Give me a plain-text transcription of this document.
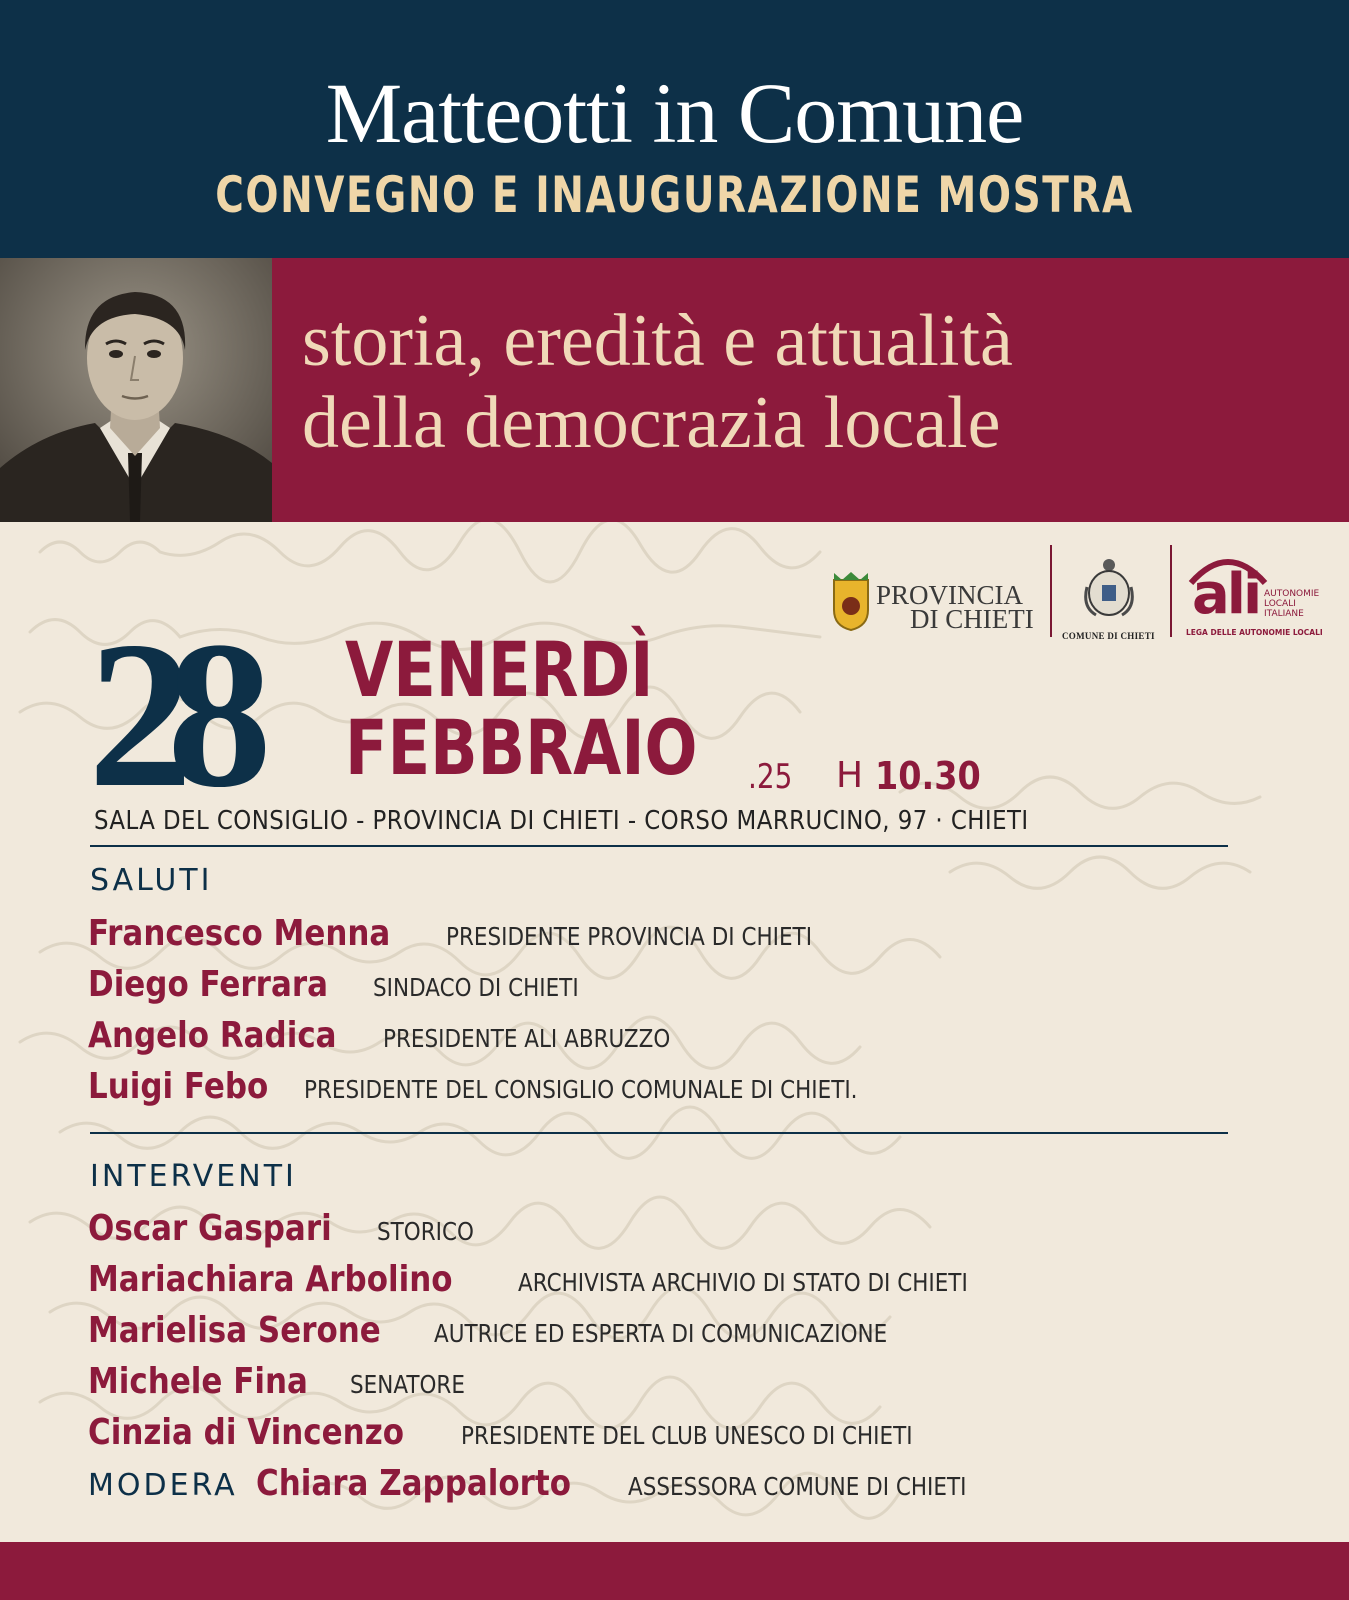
Matteotti in Comune
CONVEGNO E INAUGURAZIONE MOSTRA
storia, eredità e attualità
della democrazia locale
PROVINCIA
DI CHIETI
COMUNE DI CHIETI
ali AUTONOMIE
LOCALI
ITALIANE
LEGA DELLE AUTONOMIE LOCALI
28 VENERDÌ
FEBBRAIO .25 H 10.30
SALA DEL CONSIGLIO - PROVINCIA DI CHIETI - CORSO MARRUCINO, 97 · CHIETI
SALUTI
Francesco Menna PRESIDENTE PROVINCIA DI CHIETI
Diego Ferrara SINDACO DI CHIETI
Angelo Radica PRESIDENTE ALI ABRUZZO
Luigi Febo PRESIDENTE DEL CONSIGLIO COMUNALE DI CHIETI.
INTERVENTI
Oscar Gaspari STORICO
Mariachiara Arbolino	ARCHIVISTA ARCHIVIO DI STATO DI CHIETI
Marielisa Serone AUTRICE ED ESPERTA DI COMUNICAZIONE
Michele Fina SENATORE
Cinzia di Vincenzo PRESIDENTE DEL CLUB UNESCO DI CHIETI
MODERA Chiara Zappalorto ASSESSORA COMUNE DI CHIETI
